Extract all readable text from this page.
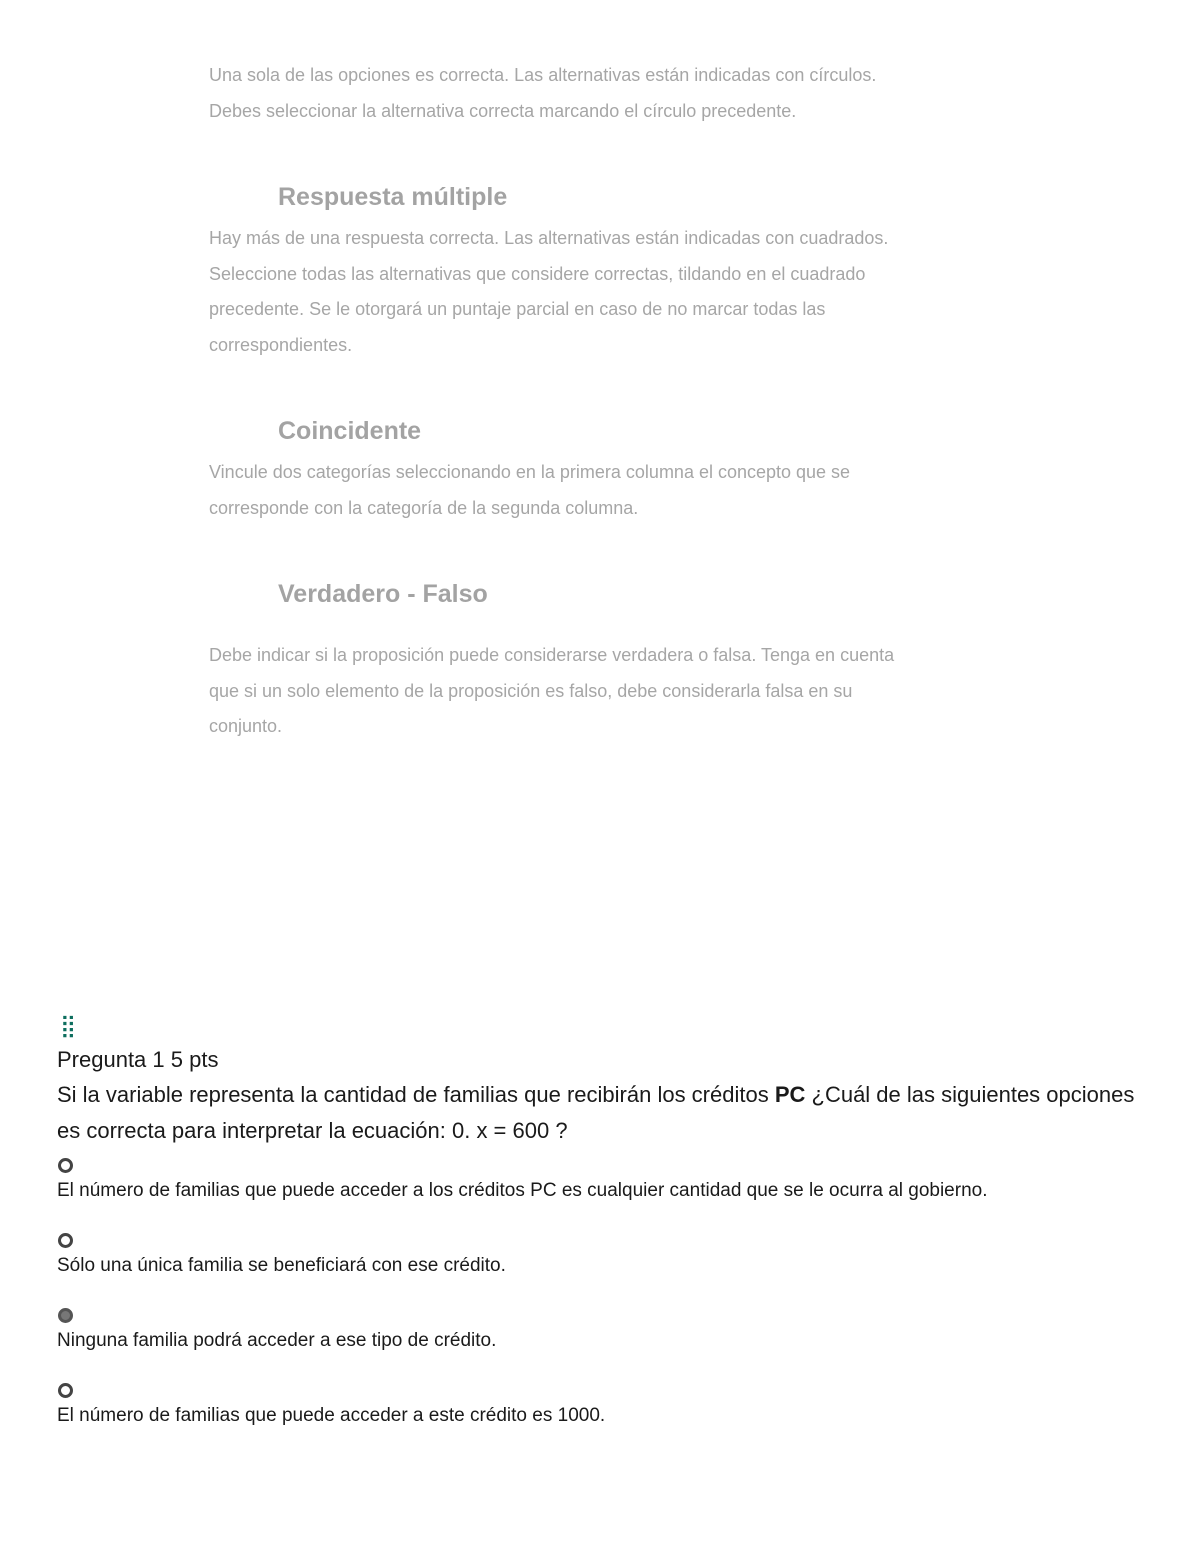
Una sola de las opciones es correcta. Las alternativas están indicadas con círculos. Debes seleccionar la alternativa correcta marcando el círculo precedente.

Respuesta múltiple

Hay más de una respuesta correcta. Las alternativas están indicadas con cuadrados. Seleccione todas las alternativas que considere correctas, tildando en el cuadrado precedente. Se le otorgará un puntaje parcial en caso de no marcar todas las correspondientes.

Coincidente

Vincule dos categorías seleccionando en la primera columna el concepto que se corresponde con la categoría de la segunda columna.

Verdadero - Falso

Debe indicar si la proposición puede considerarse verdadera o falsa. Tenga en cuenta que si un solo elemento de la proposición es falso, debe considerarla falsa en su conjunto.

⣿

Pregunta 1 5 pts

Si la variable representa la cantidad de familias que recibirán los créditos PC ¿Cuál de las siguientes opciones es correcta para interpretar la ecuación: 0. x = 600 ?

El número de familias que puede acceder a los créditos PC es cualquier cantidad que se le ocurra al gobierno.

Sólo una única familia se beneficiará con ese crédito.

Ninguna familia podrá acceder a ese tipo de crédito.

El número de familias que puede acceder a este crédito es 1000.
